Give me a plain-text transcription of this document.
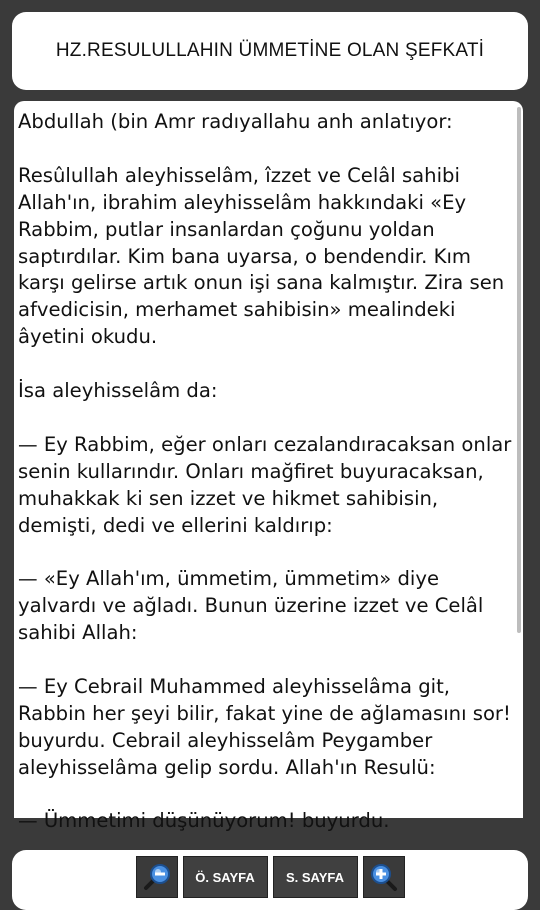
HZ.RESULULLAHIN ÜMMETİNE OLAN ŞEFKATİ

Abdullah (bin Amr radıyallahu anh anlatıyor:

Resûlullah aleyhisselâm, îzzet ve Celâl sahibi Allah'ın, ibrahim aleyhisselâm hakkındaki «Ey Rabbim, putlar insanlardan çoğunu yoldan saptırdılar. Kim bana uyarsa, o bendendir. Kım karşı gelirse artık onun işi sana kalmıştır. Zira sen afvedicisin, merhamet sahibisin» mealindeki âyetini okudu.

İsa aleyhisselâm da:

— Ey Rabbim, eğer onları cezalandıracaksan onlar senin kullarındır. Onları mağfiret buyuracaksan, muhakkak ki sen izzet ve hikmet sahibisin, demişti, dedi ve ellerini kaldırıp:

— «Ey Allah'ım, ümmetim, ümmetim» diye yalvardı ve ağladı. Bunun üzerine izzet ve Celâl sahibi Allah:

— Ey Cebrail Muhammed aleyhisselâma git, Rabbin her şeyi bilir, fakat yine de ağlamasını sor! buyurdu. Cebrail aleyhisselâm Peygamber aleyhisselâma gelip sordu. Allah'ın Resulü:

— Ümmetimi düşünüyorum! buyurdu.

Ö. SAYFA	S. SAYFA
